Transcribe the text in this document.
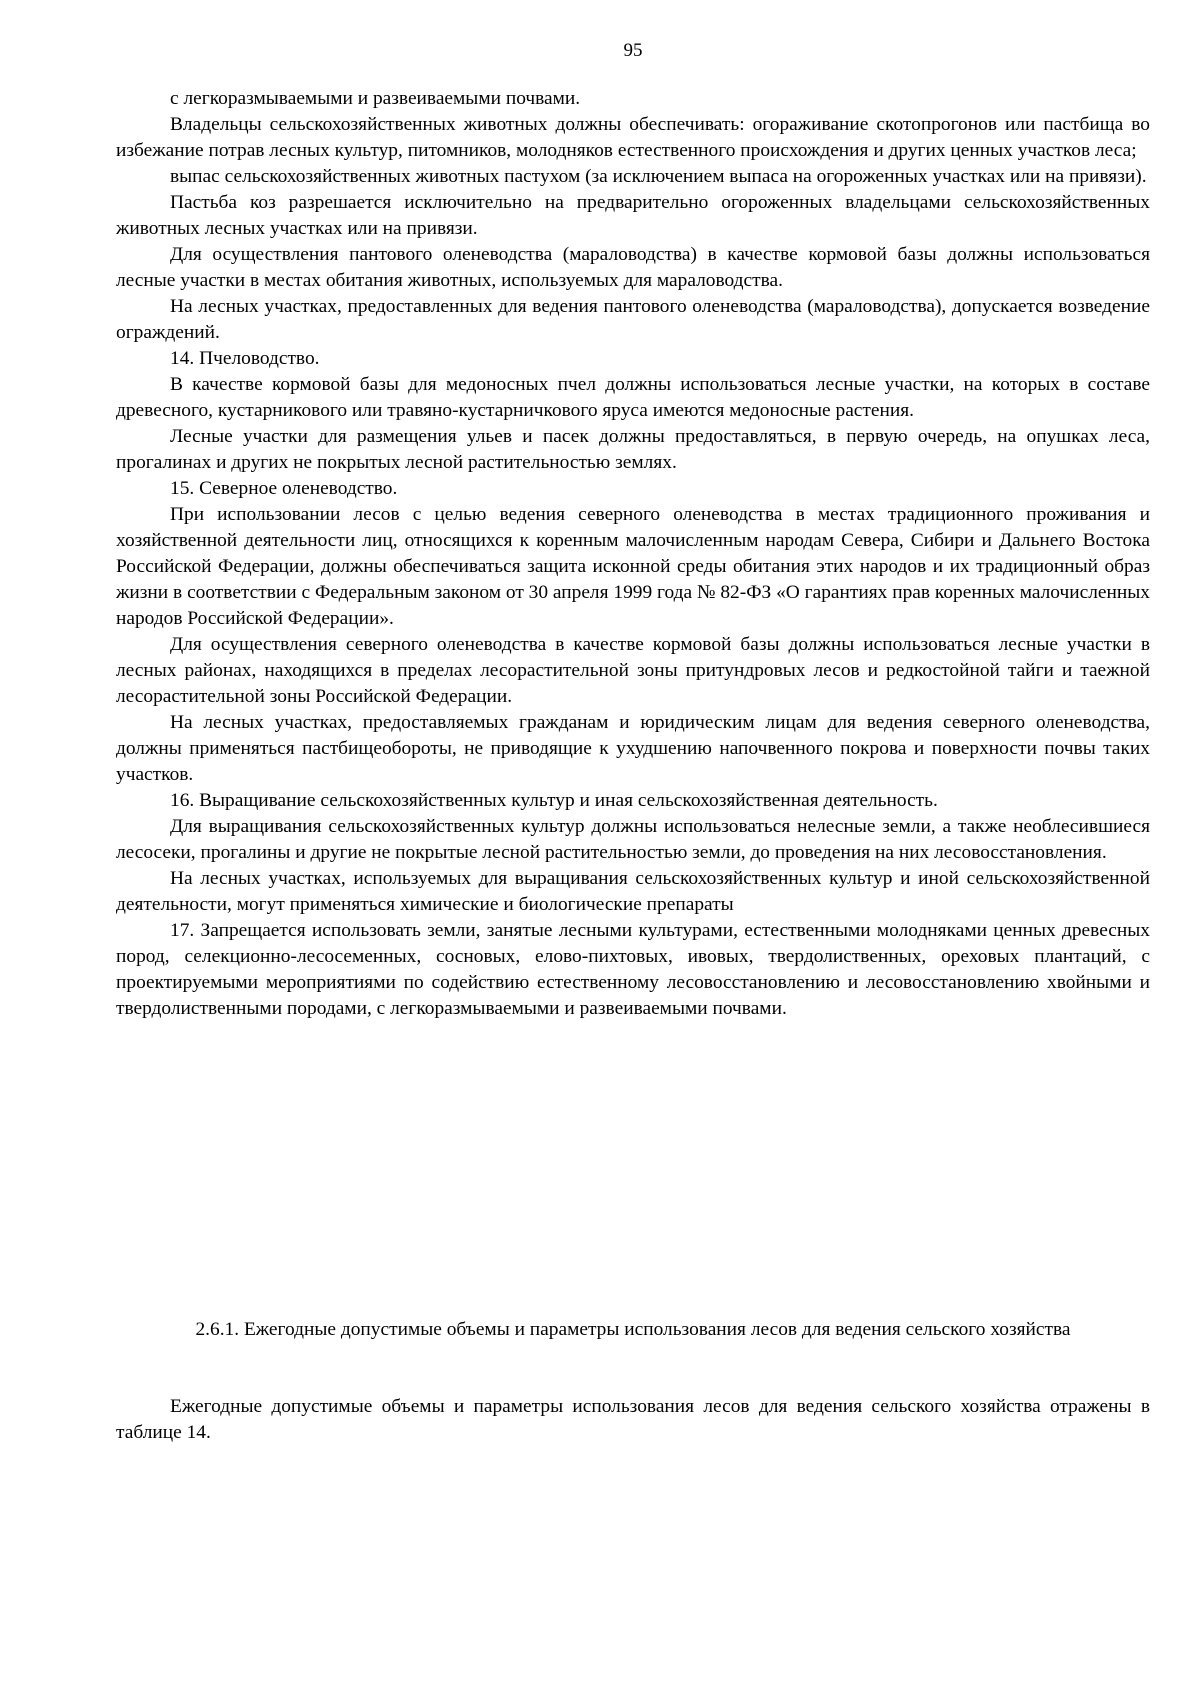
95

с легкоразмываемыми и развеиваемыми почвами.

Владельцы сельскохозяйственных животных должны обеспечивать: огораживание скотопрогонов или пастбища во избежание потрав лесных культур, питомников, молодняков естественного происхождения и других ценных участков леса;

выпас сельскохозяйственных животных пастухом (за исключением выпаса на огороженных участках или на привязи).

Пастьба коз разрешается исключительно на предварительно огороженных владельцами сельскохозяйственных животных лесных участках или на привязи.

Для осуществления пантового оленеводства (мараловодства) в качестве кормовой базы должны использоваться лесные участки в местах обитания животных, используемых для мараловодства.

На лесных участках, предоставленных для ведения пантового оленеводства (мараловодства), допускается возведение ограждений.

14. Пчеловодство.

В качестве кормовой базы для медоносных пчел должны использоваться лесные участки, на которых в составе древесного, кустарникового или травяно-кустарничкового яруса имеются медоносные растения.

Лесные участки для размещения ульев и пасек должны предоставляться, в первую очередь, на опушках леса, прогалинах и других не покрытых лесной растительностью землях.

15. Северное оленеводство.

При использовании лесов с целью ведения северного оленеводства в местах традиционного проживания и хозяйственной деятельности лиц, относящихся к коренным малочисленным народам Севера, Сибири и Дальнего Востока Российской Федерации, должны обеспечиваться защита исконной среды обитания этих народов и их традиционный образ жизни в соответствии с Федеральным законом от 30 апреля 1999 года № 82-ФЗ «О гарантиях прав коренных малочисленных народов Российской Федерации».

Для осуществления северного оленеводства в качестве кормовой базы должны использоваться лесные участки в лесных районах, находящихся в пределах лесорастительной зоны притундровых лесов и редкостойной тайги и таежной лесорастительной зоны Российской Федерации.

На лесных участках, предоставляемых гражданам и юридическим лицам для ведения северного оленеводства, должны применяться пастбищеобороты, не приводящие к ухудшению напочвенного покрова и поверхности почвы таких участков.

16. Выращивание сельскохозяйственных культур и иная сельскохозяйственная деятельность.

Для выращивания сельскохозяйственных культур должны использоваться нелесные земли, а также необлесившиеся лесосеки, прогалины и другие не покрытые лесной растительностью земли, до проведения на них лесовосстановления.

На лесных участках, используемых для выращивания сельскохозяйственных культур и иной сельскохозяйственной деятельности, могут применяться химические и биологические препараты

17. Запрещается использовать земли, занятые лесными культурами, естественными молодняками ценных древесных пород, селекционно-лесосеменных, сосновых, елово-пихтовых, ивовых, твердолиственных, ореховых плантаций, с проектируемыми мероприятиями по содействию естественному лесовосстановлению и лесовосстановлению хвойными и твердолиственными породами, с легкоразмываемыми и развеиваемыми почвами.

2.6.1. Ежегодные допустимые объемы и параметры использования лесов для ведения сельского хозяйства

Ежегодные допустимые объемы и параметры использования лесов для ведения сельского хозяйства отражены в таблице 14.
